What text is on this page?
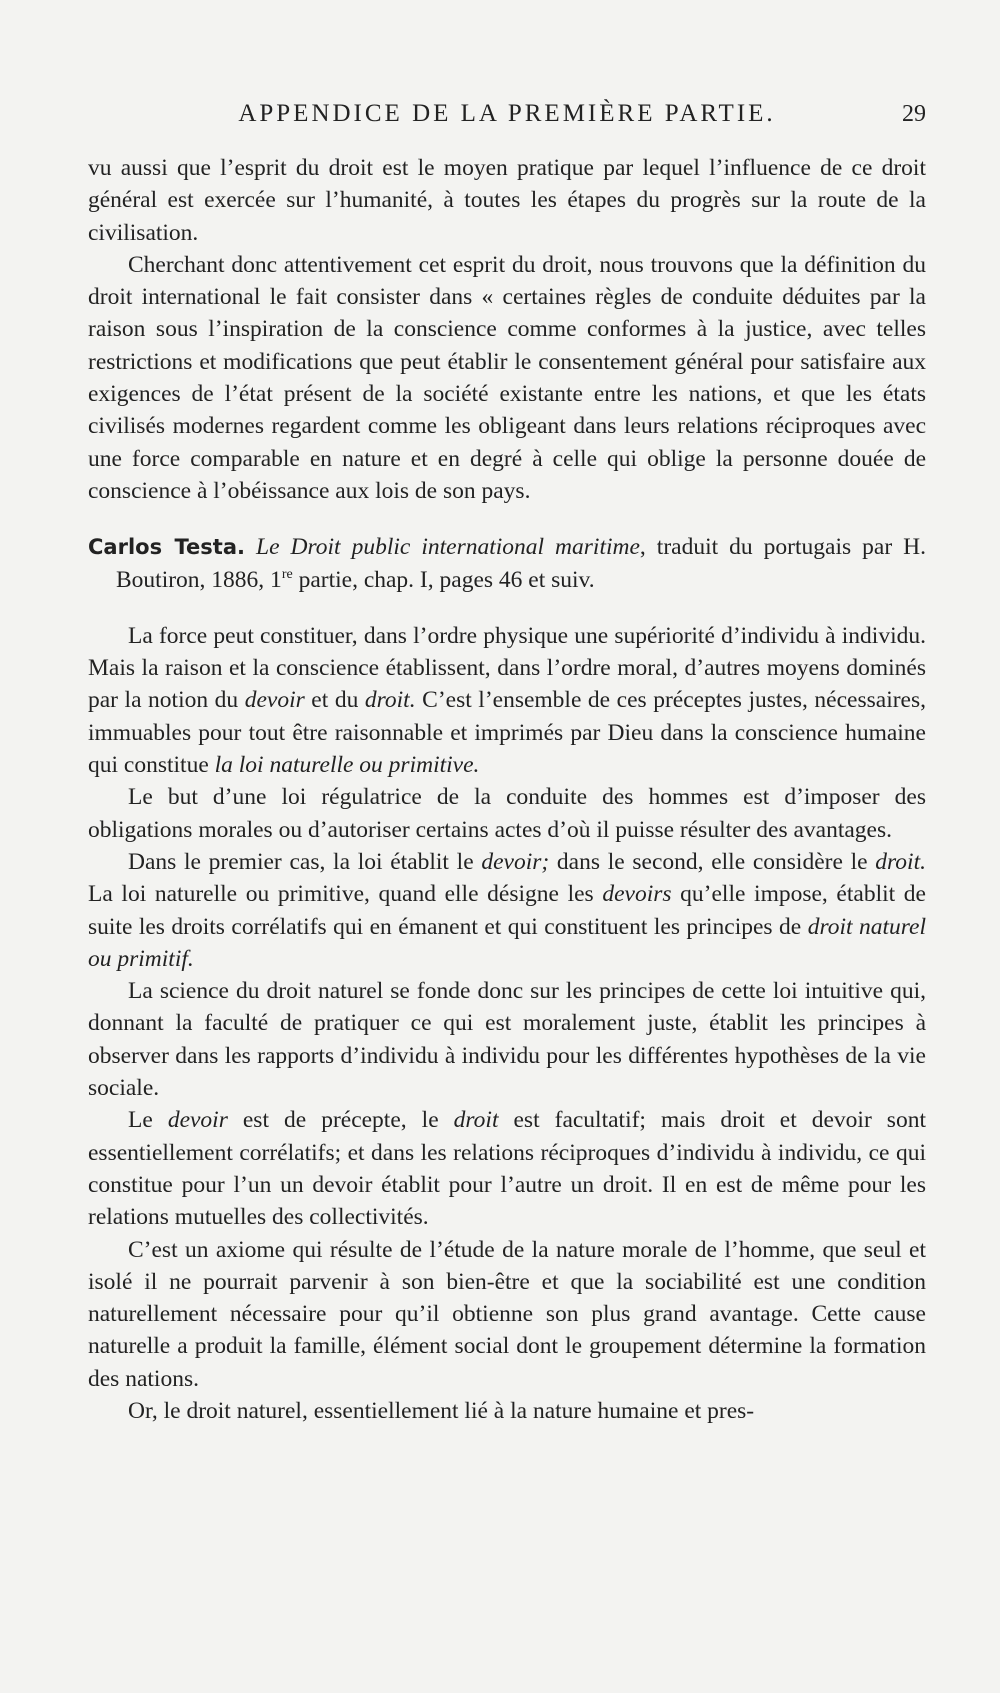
APPENDICE DE LA PREMIÈRE PARTIE.	29

vu aussi que l’esprit du droit est le moyen pratique par lequel l’influence de ce droit général est exercée sur l’humanité, à toutes les étapes du progrès sur la route de la civilisation.

Cherchant donc attentivement cet esprit du droit, nous trouvons que la définition du droit international le fait consister dans « certaines règles de conduite déduites par la raison sous l’inspiration de la conscience comme conformes à la justice, avec telles restrictions et modifications que peut établir le consentement général pour satisfaire aux exigences de l’état présent de la société existante entre les nations, et que les états civilisés modernes regardent comme les obligeant dans leurs relations réciproques avec une force comparable en nature et en degré à celle qui oblige la personne douée de conscience à l’obéissance aux lois de son pays.

Carlos Testa. Le Droit public international maritime, traduit du portugais par H. Boutiron, 1886, 1re partie, chap. I, pages 46 et suiv.

La force peut constituer, dans l’ordre physique une supériorité d’individu à individu. Mais la raison et la conscience établissent, dans l’ordre moral, d’autres moyens dominés par la notion du devoir et du droit. C’est l’ensemble de ces préceptes justes, nécessaires, immuables pour tout être raisonnable et imprimés par Dieu dans la conscience humaine qui constitue la loi naturelle ou primitive.

Le but d’une loi régulatrice de la conduite des hommes est d’imposer des obligations morales ou d’autoriser certains actes d’où il puisse résulter des avantages.

Dans le premier cas, la loi établit le devoir; dans le second, elle considère le droit. La loi naturelle ou primitive, quand elle désigne les devoirs qu’elle impose, établit de suite les droits corrélatifs qui en émanent et qui constituent les principes de droit naturel ou primitif.

La science du droit naturel se fonde donc sur les principes de cette loi intuitive qui, donnant la faculté de pratiquer ce qui est moralement juste, établit les principes à observer dans les rapports d’individu à individu pour les différentes hypothèses de la vie sociale.

Le devoir est de précepte, le droit est facultatif; mais droit et devoir sont essentiellement corrélatifs; et dans les relations réciproques d’individu à individu, ce qui constitue pour l’un un devoir établit pour l’autre un droit. Il en est de même pour les relations mutuelles des collectivités.

C’est un axiome qui résulte de l’étude de la nature morale de l’homme, que seul et isolé il ne pourrait parvenir à son bien-être et que la sociabilité est une condition naturellement nécessaire pour qu’il obtienne son plus grand avantage. Cette cause naturelle a produit la famille, élément social dont le groupement détermine la formation des nations.

Or, le droit naturel, essentiellement lié à la nature humaine et pres-
